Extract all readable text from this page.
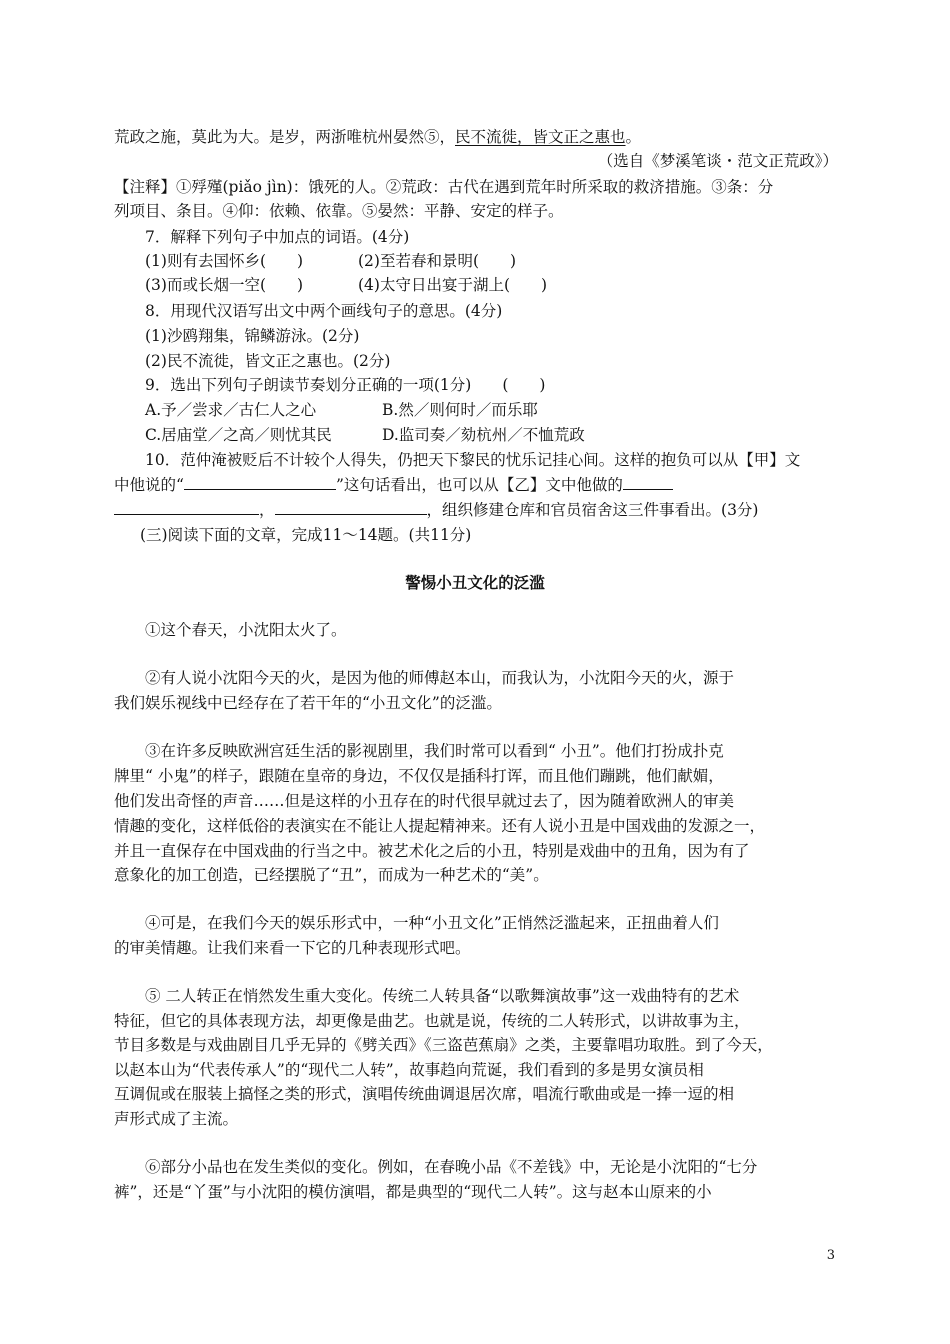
荒政之施，莫此为大。是岁，两浙唯杭州晏然⑤，民不流徙，皆文正之惠也。
（选自《梦溪笔谈・范文正荒政》）
【注释】①殍殣(piǎo jìn)：饿死的人。②荒政：古代在遇到荒年时所采取的救济措施。③条：分
列项目、条目。④仰：依赖、依靠。⑤晏然：平静、安定的样子。
7．解释下列句子中加点的词语。(4分)
(1)则有去国怀乡(　　)	(2)至若春和景明(　　)
(3)而或长烟一空(　　)	(4)太守日出宴于湖上(　　)
8．用现代汉语写出文中两个画线句子的意思。(4分)
(1)沙鸥翔集，锦鳞游泳。(2分)
(2)民不流徙，皆文正之惠也。(2分)
9．选出下列句子朗读节奏划分正确的一项(1分)　　(　　)
A.予／尝求／古仁人之心	B.然／则何时／而乐耶
C.居庙堂／之高／则忧其民	D.监司奏／劾杭州／不恤荒政
10．范仲淹被贬后不计较个人得失，仍把天下黎民的忧乐记挂心间。这样的抱负可以从【甲】文
中他说的“	”这句话看出，也可以从【乙】文中他做的
，	，组织修建仓库和官员宿舍这三件事看出。(3分)
(三)阅读下面的文章，完成11～14题。(共11分)
警惕小丑文化的泛滥
①这个春天，小沈阳太火了。
②有人说小沈阳今天的火，是因为他的师傅赵本山，而我认为，小沈阳今天的火，源于
我们娱乐视线中已经存在了若干年的“小丑文化”的泛滥。
③在许多反映欧洲宫廷生活的影视剧里，我们时常可以看到“ 小丑”。他们打扮成扑克
牌里“ 小鬼”的样子，跟随在皇帝的身边，不仅仅是插科打诨，而且他们蹦跳，他们献媚，
他们发出奇怪的声音……但是这样的小丑存在的时代很早就过去了，因为随着欧洲人的审美
情趣的变化，这样低俗的表演实在不能让人提起精神来。还有人说小丑是中国戏曲的发源之一，
并且一直保存在中国戏曲的行当之中。被艺术化之后的小丑，特别是戏曲中的丑角，因为有了
意象化的加工创造，已经摆脱了“丑”，而成为一种艺术的“美”。
④可是，在我们今天的娱乐形式中，一种“小丑文化”正悄然泛滥起来，正扭曲着人们
的审美情趣。让我们来看一下它的几种表现形式吧。
⑤ 二人转正在悄然发生重大变化。传统二人转具备“以歌舞演故事”这一戏曲特有的艺术
特征，但它的具体表现方法，却更像是曲艺。也就是说，传统的二人转形式，以讲故事为主，
节目多数是与戏曲剧目几乎无异的《劈关西》《三盗芭蕉扇》之类，主要靠唱功取胜。到了今天，
以赵本山为“代表传承人”的“现代二人转”，故事趋向荒诞，我们看到的多是男女演员相
互调侃或在服装上搞怪之类的形式，演唱传统曲调退居次席，唱流行歌曲或是一捧一逗的相
声形式成了主流。
⑥部分小品也在发生类似的变化。例如，在春晚小品《不差钱》中，无论是小沈阳的“七分
裤”，还是“丫蛋”与小沈阳的模仿演唱，都是典型的“现代二人转”。这与赵本山原来的小
3
